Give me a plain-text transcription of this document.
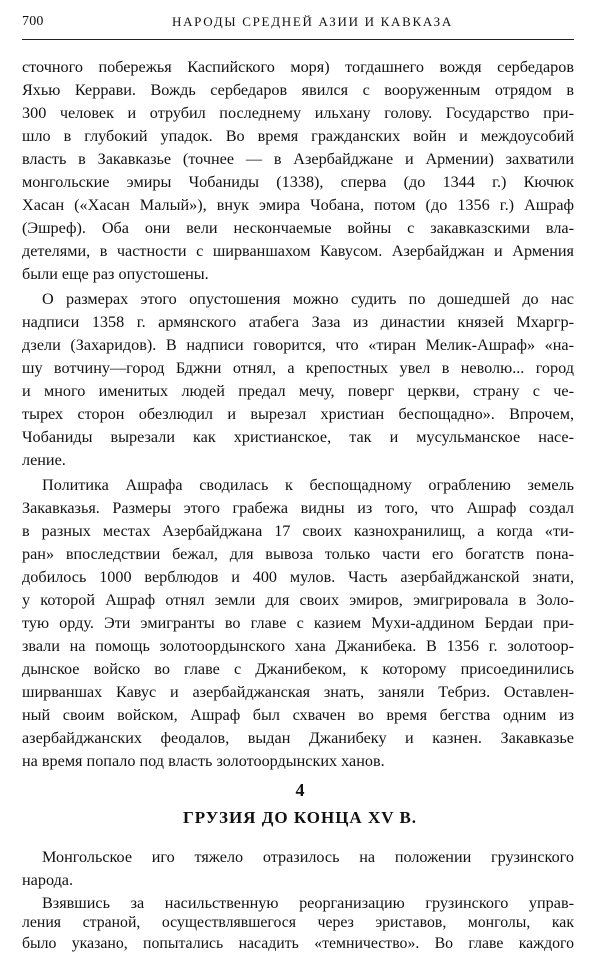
700	НАРОДЫ СРЕДНЕЙ АЗИИ И КАВКАЗА
сточного побережья Каспийского моря) тогдашнего вождя сербедаров
Яхью Керрави. Вождь сербедаров явился с вооруженным отрядом в
300 человек и отрубил последнему ильхану голову. Государство при-
шло в глубокий упадок. Во время гражданских войн и междоусобий
власть в Закавказье (точнее — в Азербайджане и Армении) захватили
монгольские эмиры Чобаниды (1338), сперва (до 1344 г.) Кючюк
Хасан («Хасан Малый»), внук эмира Чобана, потом (до 1356 г.) Ашраф
(Эшреф). Оба они вели нескончаемые войны с закавказскими вла-
детелями, в частности с ширваншахом Кавусом. Азербайджан и Армения
были еще раз опустошены.
О размерах этого опустошения можно судить по дошедшей до нас
надписи 1358 г. армянского атабега Заза из династии князей Мхаргр-
дзели (Захаридов). В надписи говорится, что «тиран Мелик-Ашраф» «на-
шу вотчину—город Бджни отнял, а крепостных увел в неволю... город
и много именитых людей предал мечу, поверг церкви, страну с че-
тырех сторон обезлюдил и вырезал христиан беспощадно». Впрочем,
Чобаниды вырезали как христианское, так и мусульманское насе-
ление.
Политика Ашрафа сводилась к беспощадному ограблению земель
Закавказья. Размеры этого грабежа видны из того, что Ашраф создал
в разных местах Азербайджана 17 своих казнохранилищ, а когда «ти-
ран» впоследствии бежал, для вывоза только части его богатств пона-
добилось 1000 верблюдов и 400 мулов. Часть азербайджанской знати,
у которой Ашраф отнял земли для своих эмиров, эмигрировала в Золо-
тую орду. Эти эмигранты во главе с казием Мухи-аддином Бердаи при-
звали на помощь золотоордынского хана Джанибека. В 1356 г. золотоор-
дынское войско во главе с Джанибеком, к которому присоединились
ширваншах Кавус и азербайджанская знать, заняли Тебриз. Оставлен-
ный своим войском, Ашраф был схвачен во время бегства одним из
азербайджанских феодалов, выдан Джанибеку и казнен. Закавказье
на время попало под власть золотоордынских ханов.
4
ГРУЗИЯ ДО КОНЦА XV В.
Монгольское иго тяжело отразилось на положении грузинского
народа.
Взявшись за насильственную реорганизацию грузинского управ-
ления страной, осуществлявшегося через эриставов, монголы, как
было указано, попытались насадить «темничество». Во главе каждого
